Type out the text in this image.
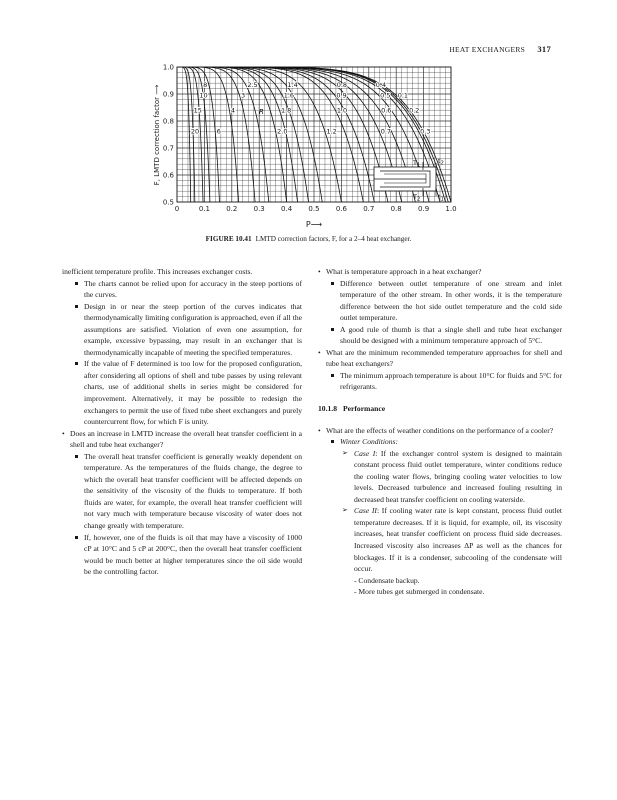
HEAT EXCHANGERS 317
0	0.1 0.2 0.3 0.4 0.5 0.6 0.7 0.8 0.9 1.0
0.5
0.6
0.7
0.8
0.9
1.0
20
15
10
8
6
4
3
2.5
2.0
1.8
1.6
1.4
1.2
1.0
0.9
0.8
0.7
0.6
0.5
0.4
0.3
0.2
0.1
P⟶
F, LMTD correction factor ⟶	R
$T_1$
$t_2$
$T_2$	$t_1$
FIGURE 10.41 LMTD correction factors, F, for a 2–4 heat exchanger.

inefficient temperature profile. This increases exchanger costs.

The charts cannot be relied upon for accuracy in the steep portions of the curves.

Design in or near the steep portion of the curves indicates that thermodynamically limiting configuration is approached, even if all the assumptions are satisfied. Violation of even one assumption, for example, excessive bypassing, may result in an exchanger that is thermodynamically incapable of meeting the specified temperatures.

If the value of F determined is too low for the proposed configuration, after considering all options of shell and tube passes by using relevant charts, use of additional shells in series might be considered for improvement. Alternatively, it may be possible to redesign the exchangers to permit the use of fixed tube sheet exchangers and purely countercurrent flow, for which F is unity.

• Does an increase in LMTD increase the overall heat transfer coefficient in a shell and tube heat exchanger?

The overall heat transfer coefficient is generally weakly dependent on temperature. As the temperatures of the fluids change, the degree to which the overall heat transfer coefficient will be affected depends on the sensitivity of the viscosity of the fluids to temperature. If both fluids are water, for example, the overall heat transfer coefficient will not vary much with temperature because viscosity of water does not change greatly with temperature.

If, however, one of the fluids is oil that may have a viscosity of 1000 cP at 10°C and 5 cP at 200°C, then the overall heat transfer coefficient would be much better at higher temperatures since the oil side would be the controlling factor.

• What is temperature approach in a heat exchanger?

Difference between outlet temperature of one stream and inlet temperature of the other stream. In other words, it is the temperature difference between the hot side outlet temperature and the cold side outlet temperature.

A good rule of thumb is that a single shell and tube heat exchanger should be designed with a minimum temperature approach of 5°C.

• What are the minimum recommended temperature approaches for shell and tube heat exchangers?

The minimum approach temperature is about 10°C for fluids and 5°C for refrigerants.

10.1.8 Performance

• What are the effects of weather conditions on the performance of a cooler?

Winter Conditions:

➢ Case I: If the exchanger control system is designed to maintain constant process fluid outlet temperature, winter conditions reduce the cooling water flows, bringing cooling water velocities to low levels. Decreased turbulence and increased fouling resulting in decreased heat transfer coefficient on cooling waterside.

➢ Case II: If cooling water rate is kept constant, process fluid outlet temperature decreases. If it is liquid, for example, oil, its viscosity increases, heat transfer coefficient on process fluid side decreases. Increased viscosity also increases ΔP as well as the chances for blockages. If it is a condenser, subcooling of the condensate will occur.

- Condensate backup.

- More tubes get submerged in condensate.
